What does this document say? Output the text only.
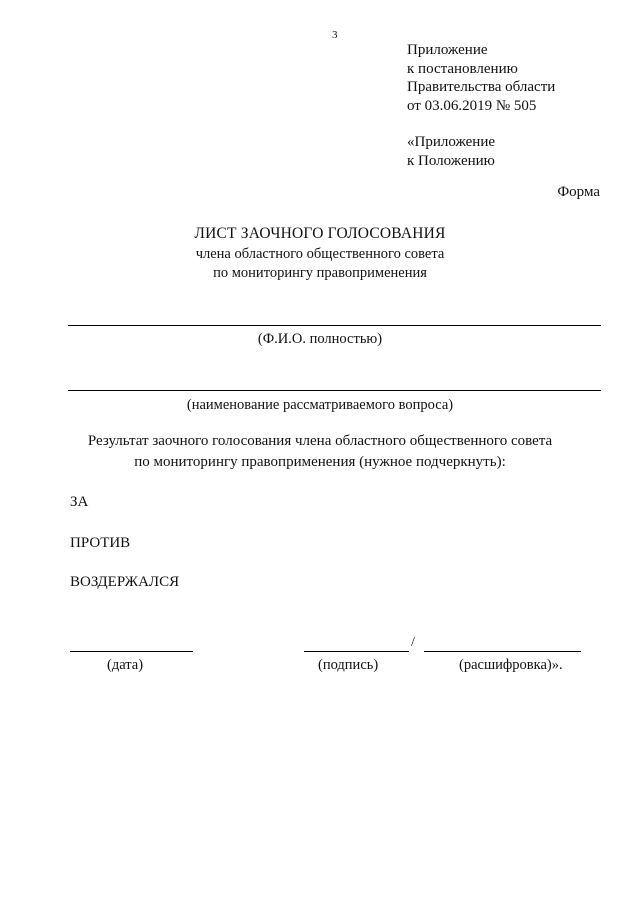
3
Приложение
к постановлению
Правительства области
от 03.06.2019 № 505
«Приложение
к Положению
Форма
ЛИСТ ЗАОЧНОГО ГОЛОСОВАНИЯ
члена областного общественного совета
по мониторингу правоприменения
(Ф.И.О. полностью)
(наименование рассматриваемого вопроса)
Результат заочного голосования члена областного общественного совета
по мониторингу правоприменения (нужное подчеркнуть):
ЗА
ПРОТИВ
ВОЗДЕРЖАЛСЯ
/
(дата)	(подпись)	(расшифровка)».
